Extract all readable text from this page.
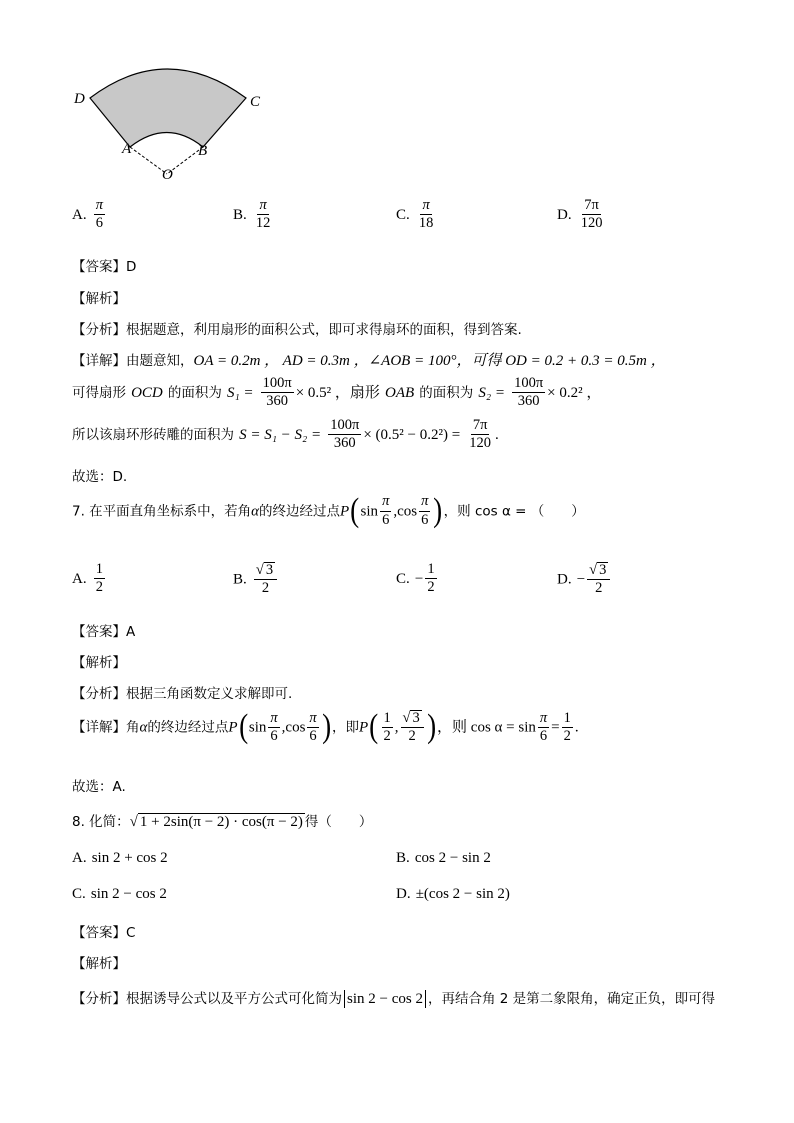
D	C
A	B
O
A. $\frac{\pi}{6}$	B. $\frac{\pi}{12}$	C. $\frac{\pi}{18}$	D. $\frac{7\pi}{120}$
【答案】D
【解析】
【分析】根据题意，利用扇形的面积公式，即可求得扇环的面积，得到答案.
【详解】由题意知，OA = 0.2m ， AD = 0.3m ，∠AOB = 100°，可得 OD = 0.2 + 0.3 = 0.5m ，
可得扇形 OCD 的面积为 $S_1 = \frac{100\pi}{360} \times 0.5^2$ ，扇形 OAB 的面积为 $S_2 = \frac{100\pi}{360} \times 0.2^2$ ，
所以该扇环形砖雕的面积为 $S = S_1 - S_2 = \frac{100\pi}{360} \times (0.5^2 - 0.2^2) = \frac{7\pi}{120}$ .
故选：D.
7. 在平面直角坐标系中，若角α的终边经过点$P(\sin \frac{\pi}{6} ,\cos \frac{\pi}{6}$ )，则 cos α = （　　）
A. $\frac{1}{2}$	B. $\frac{√ 3}{2}$	C. − $\frac{1}{2}$	D. − $\frac{√ 3}{2}$
【答案】A
【解析】
【分析】根据三角函数定义求解即可.
【详解】角α的终边经过点$P(\sin \frac{\pi}{6} ,\cos \frac{\pi}{6}$ )，即$P( \frac{1}{2}$ , $\frac{√ 3}{2}$ )，则 $\cos \alpha = \sin \frac{\pi}{6} = \frac{1}{2}$ .
故选：A.
8. 化简：√ 1 + 2sin(π − 2) · cos(π − 2) 得（　　）
A. sin 2 + cos 2	B. cos 2 − sin 2
C. sin 2 − cos 2	D. ±(cos 2 − sin 2)
【答案】C
【解析】
【分析】根据诱导公式以及平方公式可化简为 sin 2 − cos 2 ，再结合角 2 是第二象限角，确定正负，即可得
